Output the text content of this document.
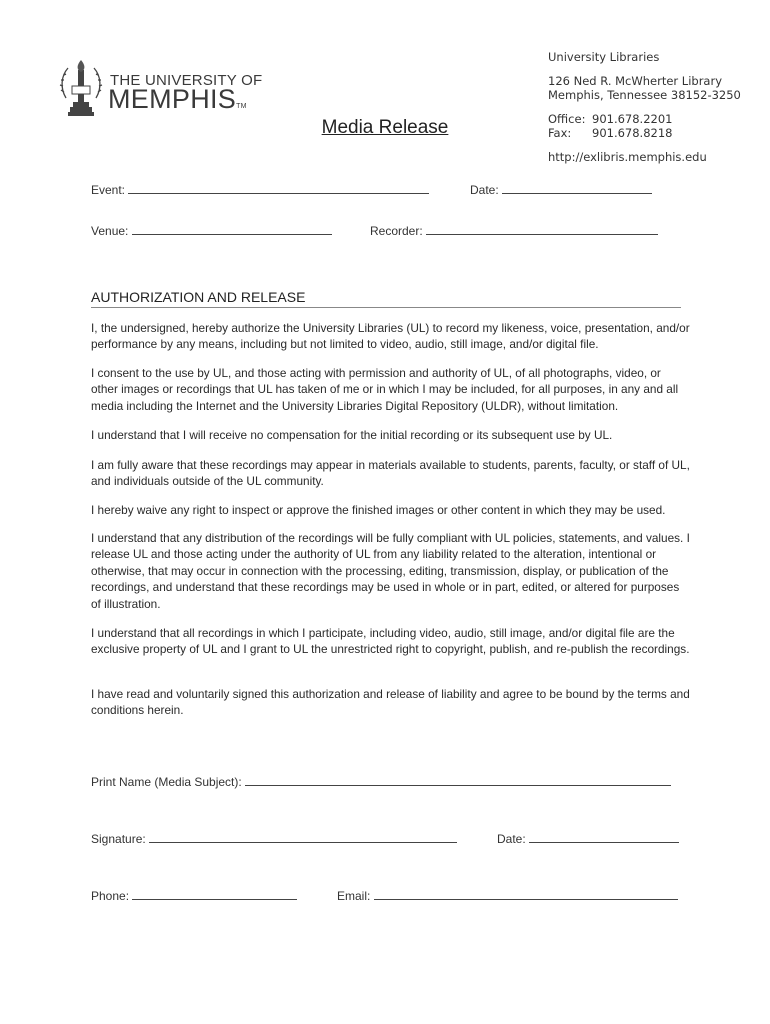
THE UNIVERSITY OF
MEMPHISTM
University Libraries
126 Ned R. McWherter Library
Memphis, Tennessee 38152-3250
Office: 901.678.2201
Fax: 901.678.8218
http://exlibris.memphis.edu
Media Release
Event:	Date:
Venue:	Recorder:
AUTHORIZATION AND RELEASE
I, the undersigned, hereby authorize the University Libraries (UL) to record my likeness, voice, presentation, and/or performance by any means, including but not limited to video, audio, still image, and/or digital file.
I consent to the use by UL, and those acting with permission and authority of UL, of all photographs, video, or other images or recordings that UL has taken of me or in which I may be included, for all purposes, in any and all media including the Internet and the University Libraries Digital Repository (ULDR), without limitation.
I understand that I will receive no compensation for the initial recording or its subsequent use by UL.
I am fully aware that these recordings may appear in materials available to students, parents, faculty, or staff of UL, and individuals outside of the UL community.
I hereby waive any right to inspect or approve the finished images or other content in which they may be used.
I understand that any distribution of the recordings will be fully compliant with UL policies, statements, and values. I release UL and those acting under the authority of UL from any liability related to the alteration, intentional or otherwise, that may occur in connection with the processing, editing, transmission, display, or publication of the recordings, and understand that these recordings may be used in whole or in part, edited, or altered for purposes of illustration.
I understand that all recordings in which I participate, including video, audio, still image, and/or digital file are the exclusive property of UL and I grant to UL the unrestricted right to copyright, publish, and re-publish the recordings.
I have read and voluntarily signed this authorization and release of liability and agree to be bound by the terms and conditions herein.
Print Name (Media Subject):
Signature:	Date:
Phone:	Email:
